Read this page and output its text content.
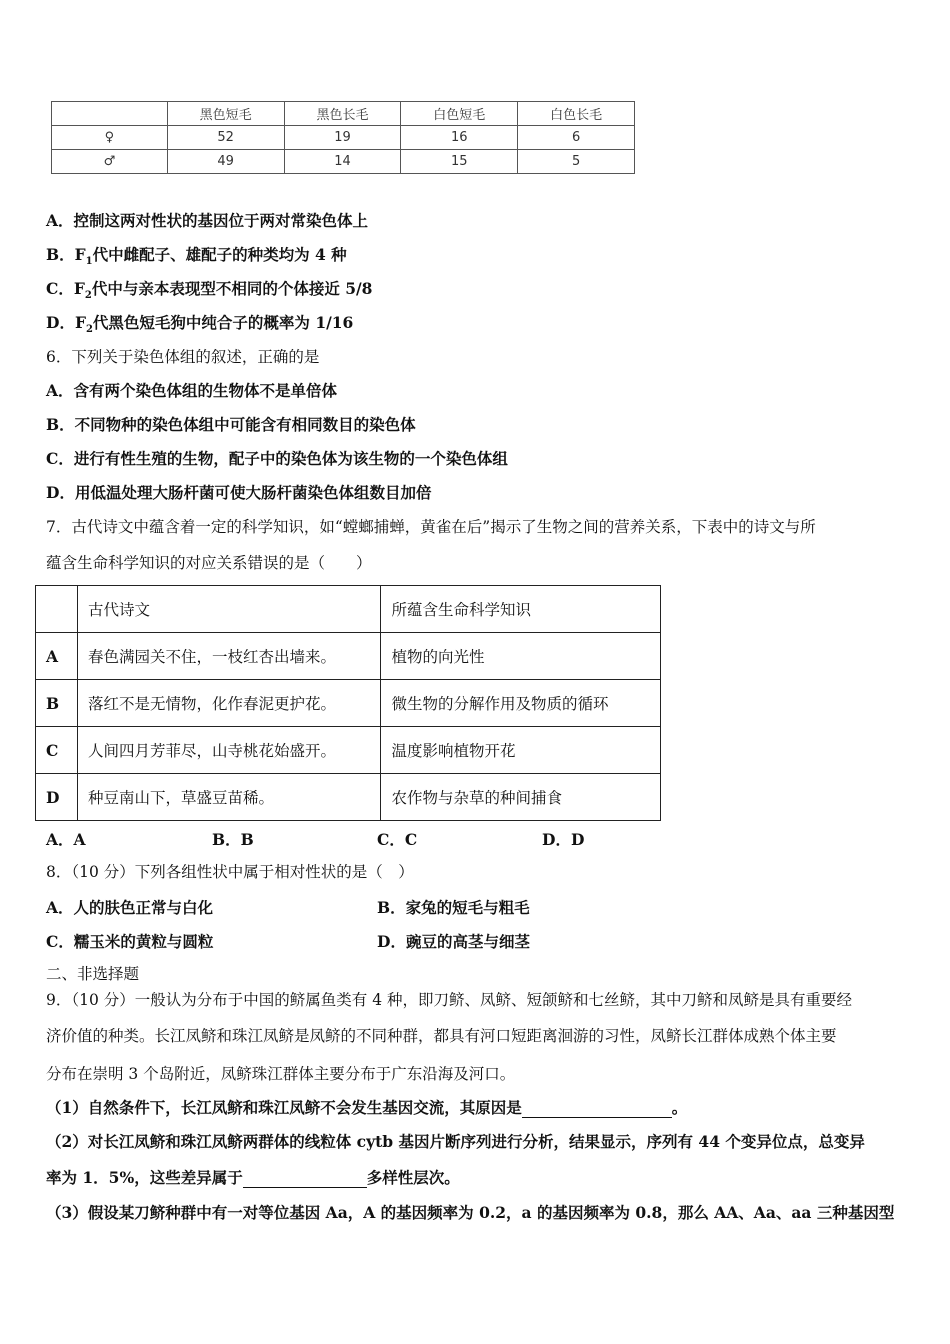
	黑色短毛	黑色长毛	白色短毛	白色长毛
♀	52	19	16	6
♂	49	14	15	5
A．控制这两对性状的基因位于两对常染色体上
B．$F_1$代中雌配子、雄配子的种类均为 4 种
C．$F_2$代中与亲本表现型不相同的个体接近 5/8
D．$F_2$代黑色短毛狗中纯合子的概率为 1/16
6．下列关于染色体组的叙述，正确的是
A．含有两个染色体组的生物体不是单倍体
B．不同物种的染色体组中可能含有相同数目的染色体
C．进行有性生殖的生物，配子中的染色体为该生物的一个染色体组
D．用低温处理大肠杆菌可使大肠杆菌染色体组数目加倍
7．古代诗文中蕴含着一定的科学知识，如“螳螂捕蝉，黄雀在后”揭示了生物之间的营养关系，下表中的诗文与所
蕴含生命科学知识的对应关系错误的是（　　）
	古代诗文	所蕴含生命科学知识
A	春色满园关不住，一枝红杏出墙来。	植物的向光性
B	落红不是无情物，化作春泥更护花。	微生物的分解作用及物质的循环
C	人间四月芳菲尽，山寺桃花始盛开。	温度影响植物开花
D	种豆南山下，草盛豆苗稀。	农作物与杂草的种间捕食
A．A	B．B	C．C	D．D
8．（10 分）下列各组性状中属于相对性状的是（　）
A．人的肤色正常与白化	B．家兔的短毛与粗毛
C．糯玉米的黄粒与圆粒	D．豌豆的高茎与细茎
二、非选择题
9．（10 分）一般认为分布于中国的鲚属鱼类有 4 种，即刀鲚、凤鲚、短颌鲚和七丝鲚，其中刀鲚和凤鲚是具有重要经
济价值的种类。长江凤鲚和珠江凤鲚是凤鲚的不同种群，都具有河口短距离洄游的习性，凤鲚长江群体成熟个体主要
分布在崇明 3 个岛附近，凤鲚珠江群体主要分布于广东沿海及河口。
（1）自然条件下，长江凤鲚和珠江凤鲚不会发生基因交流，其原因是	。
（2）对长江凤鲚和珠江凤鲚两群体的线粒体 cytb 基因片断序列进行分析，结果显示，序列有 44 个变异位点，总变异
率为 1．5%，这些差异属于	多样性层次。
（3）假设某刀鲚种群中有一对等位基因 Aa，A 的基因频率为 0.2，a 的基因频率为 0.8，那么 AA、Aa、aa 三种基因型
